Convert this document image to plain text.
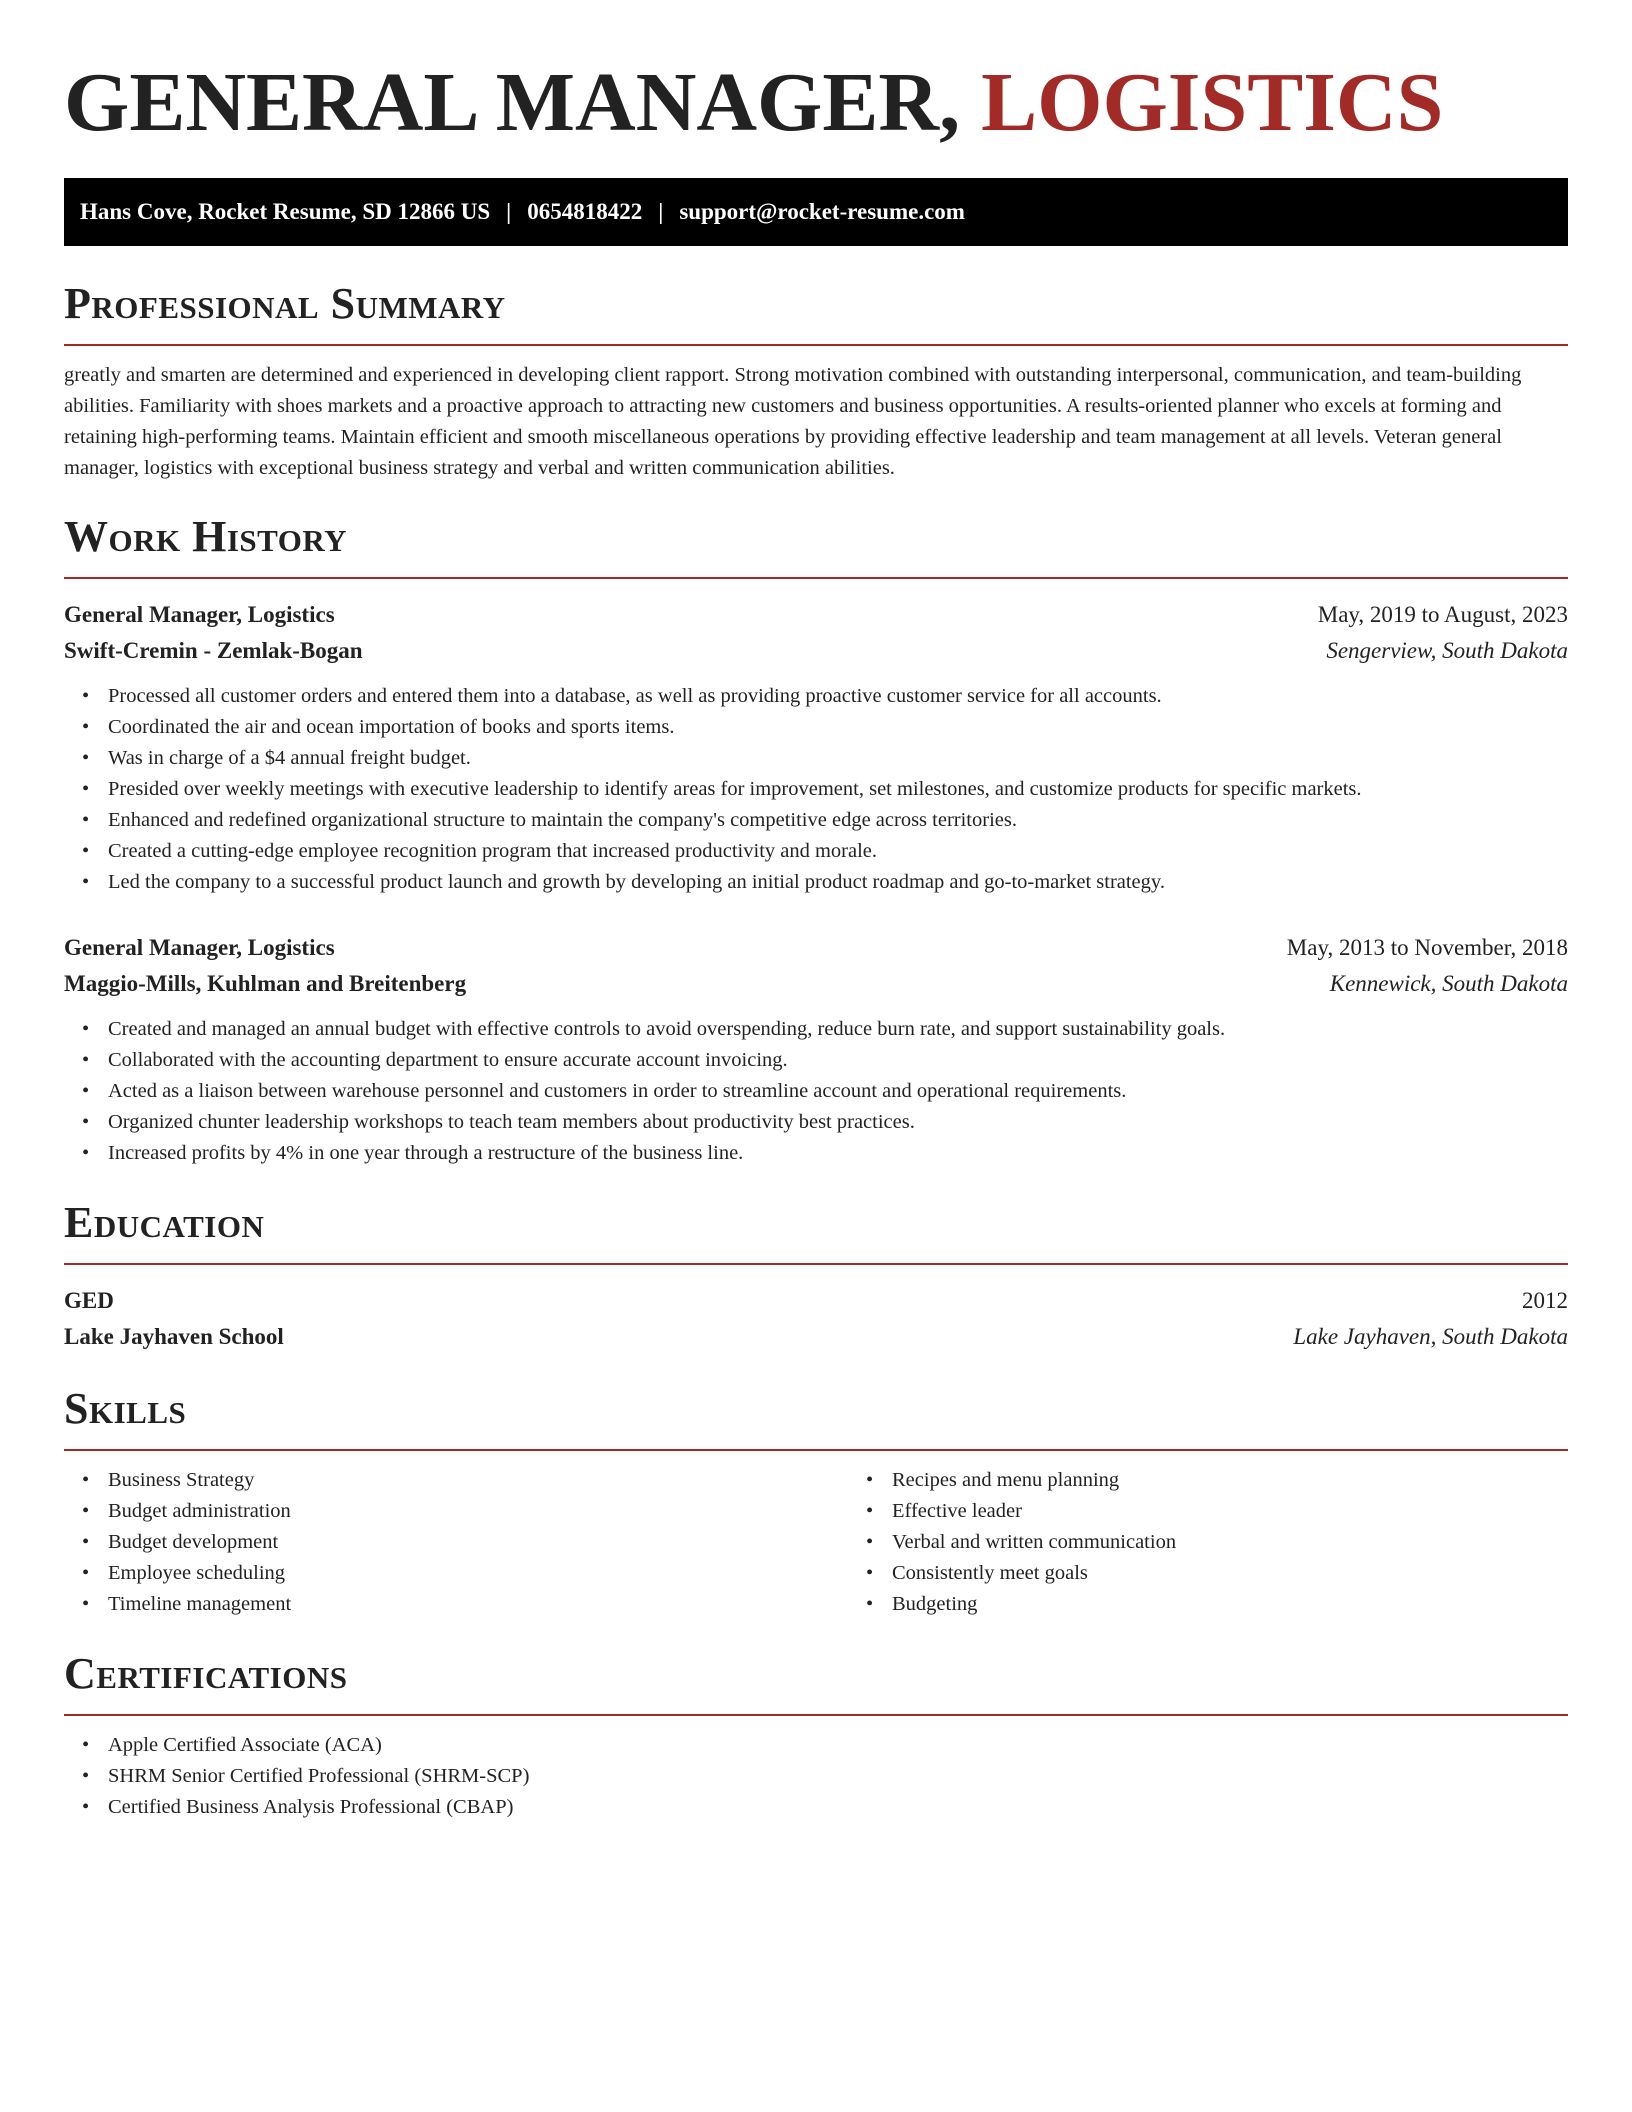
GENERAL MANAGER, LOGISTICS
Hans Cove, Rocket Resume, SD 12866 US | 0654818422 | support@rocket-resume.com
Professional Summary

greatly and smarten are determined and experienced in developing client rapport. Strong motivation combined with outstanding interpersonal, communication, and team-building abilities. Familiarity with shoes markets and a proactive approach to attracting new customers and business opportunities. A results-oriented planner who excels at forming and retaining high-performing teams. Maintain efficient and smooth miscellaneous operations by providing effective leadership and team management at all levels. Veteran general manager, logistics with exceptional business strategy and verbal and written communication abilities.

Work History
General Manager, Logistics	May, 2019 to August, 2023
Swift-Cremin - Zemlak-Bogan	Sengerview, South Dakota
• Processed all customer orders and entered them into a database, as well as providing proactive customer service for all accounts.
• Coordinated the air and ocean importation of books and sports items.
• Was in charge of a $4 annual freight budget.
• Presided over weekly meetings with executive leadership to identify areas for improvement, set milestones, and customize products for specific markets.
• Enhanced and redefined organizational structure to maintain the company's competitive edge across territories.
• Created a cutting-edge employee recognition program that increased productivity and morale.
• Led the company to a successful product launch and growth by developing an initial product roadmap and go-to-market strategy.
General Manager, Logistics	May, 2013 to November, 2018
Maggio-Mills, Kuhlman and Breitenberg	Kennewick, South Dakota
• Created and managed an annual budget with effective controls to avoid overspending, reduce burn rate, and support sustainability goals.
• Collaborated with the accounting department to ensure accurate account invoicing.
• Acted as a liaison between warehouse personnel and customers in order to streamline account and operational requirements.
• Organized chunter leadership workshops to teach team members about productivity best practices.
• Increased profits by 4% in one year through a restructure of the business line.
Education
GED	2012
Lake Jayhaven School	Lake Jayhaven, South Dakota
Skills
• Business Strategy
• Budget administration
• Budget development
• Employee scheduling
• Timeline management
• Recipes and menu planning
• Effective leader
• Verbal and written communication
• Consistently meet goals
• Budgeting
Certifications
• Apple Certified Associate (ACA)
• SHRM Senior Certified Professional (SHRM-SCP)
• Certified Business Analysis Professional (CBAP)
